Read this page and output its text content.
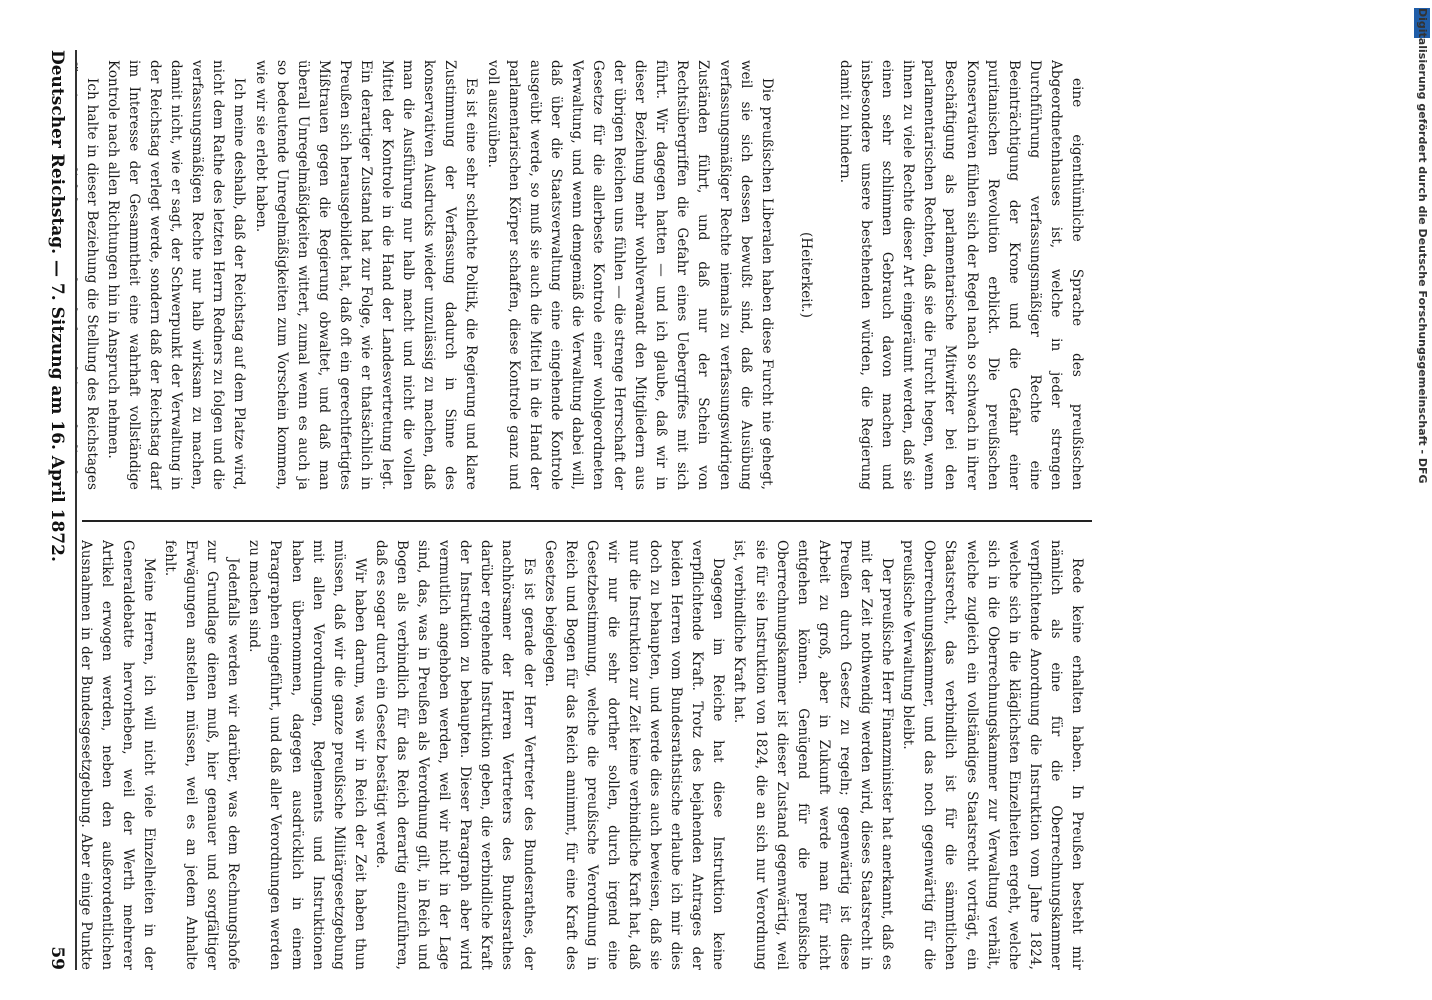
Deutscher Reichstag. — 7. Sitzung am 16. April 1872.
59

eine eigenthümliche Sprache des preußischen Abgeordnetenhauses ist, welche in jeder strengen Durchführung verfassungsmäßiger Rechte eine Beeinträchtigung der Krone und die Gefahr einer puritanischen Revolution erblickt. Die preußischen Konservativen fühlen sich der Regel nach so schwach in ihrer Beschäftigung als parlamentarische Mitwirker bei den parlamentarischen Rechten, daß sie die Furcht hegen, wenn ihnen zu viele Rechte dieser Art eingeräumt werden, daß sie einen sehr schlimmen Gebrauch davon machen und insbesondere unsere bestehenden würden, die Regierung damit zu hindern.

(Heiterkeit.)

Die preußischen Liberalen haben diese Furcht nie gehegt, weil sie sich dessen bewußt sind, daß die Ausübung verfassungsmäßiger Rechte niemals zu verfassungswidrigen Zuständen führt, und daß nur der Schein von Rechtsübergriffen die Gefahr eines Uebergriffes mit sich führt. Wir dagegen hatten — und ich glaube, daß wir in dieser Beziehung mehr wohlverwandt den Mitgliedern aus der übrigen Reichen uns fühlen — die strenge Herrschaft der Gesetze für die allerbeste Kontrole einer wohlgeordneten Verwaltung, und wenn demgemäß die Verwaltung dabei will, daß über die Staatsverwaltung eine eingehende Kontrole ausgeübt werde, so muß sie auch die Mittel in die Hand der parlamentarischen Körper schaffen, diese Kontrole ganz und voll auszuüben.

Es ist eine sehr schlechte Politik, die Regierung und klare Zustimmung der Verfassung dadurch in Sinne des konservativen Ausdrucks wieder unzulässig zu machen, daß man die Ausführung nur halb macht und nicht die vollen Mittel der Kontrole in die Hand der Landesvertretung legt. Ein derartiger Zustand hat zur Folge, wie er thatsächlich in Preußen sich herausgebildet hat, daß oft ein gerechtfertigtes Mißtrauen gegen die Regierung obwaltet, und daß man überall Unregelmäßigkeiten wittert, zumal wenn es auch ja so bedeutende Unregelmäßigkeiten zum Vorschein kommen, wie wir sie erlebt haben.

Ich meine deshalb, daß der Reichstag auf dem Platze wird, nicht dem Rathe des letzten Herrn Redners zu folgen und die verfassungsmäßigen Rechte nur halb wirksam zu machen, damit nicht, wie er sagt, der Schwerpunkt der Verwaltung in der Reichstag verlegt werde, sondern daß der Reichstag darf im Interesse der Gesammtheit eine wahrhaft vollständige Kontrole nach allen Richtungen hin in Anspruch nehmen.

Ich halte in dieser Beziehung die Stellung des Reichstages

Rede keine erhalten haben. In Preußen besteht mir nämlich als eine für die Oberrechnungskammer verpflichtende Anordnung die Instruktion vom Jahre 1824, welche sich in die kläglichsten Einzelheiten ergeht, welche sich in die Oberrechnungskammer zur Verwaltung verhält, welche zugleich ein vollständiges Staatsrecht vorträgt, ein Staatsrecht, das verbindlich ist für die sämmtlichen Oberrechnungskammer, und das noch gegenwärtig für die preußische Verwaltung bleibt.

Der preußische Herr Finanzminister hat anerkannt, daß es mit der Zeit nothwendig werden wird, dieses Staatsrecht in Preußen durch Gesetz zu regeln; gegenwärtig ist diese Arbeit zu groß, aber in Zukunft werde man für nicht entgehen können. Genügend für die preußische Oberrechnungskammer ist dieser Zustand gegenwärtig, weil sie für sie Instruktion von 1824, die an sich nur Verordnung ist, verbindliche Kraft hat.

Dagegen im Reiche hat diese Instruktion keine verpflichtende Kraft. Trotz des bejahenden Antrages der beiden Herren vom Bundesrathstische erlaube ich mir dies doch zu behaupten, und werde dies auch beweisen, daß sie nur die Instruktion zur Zeit keine verbindliche Kraft hat, daß wir nur die sehr dorther sollen, durch irgend eine Gesetzbestimmung, welche die preußische Verordnung in Reich und Bogen für das Reich annimmt, für eine Kraft des Gesetzes beigelegen.

Es ist gerade der Herr Vertreter des Bundesrathes, der nachhörsamer der Herren Vertreters des Bundesrathes darüber ergehende Instruktion geben, die verbindliche Kraft der Instruktion zu behaupten. Dieser Paragraph aber wird vermutlich angehoben werden, weil wir nicht in der Lage sind, das, was in Preußen als Verordnung gilt, in Reich und Bogen als verbindlich für das Reich derartig einzuführen, daß es sogar durch ein Gesetz bestätigt werde.

Wir haben darum, was wir in Reich der Zeit haben thun müssen, daß wir die ganze preußische Militärgesetzgebung mit allen Verordnungen, Reglements und Instruktionen haben übernommen, dagegen ausdrücklich in einem Paragraphen eingeführt, und daß aller Verordnungen werden zu machen sind.

Jedenfalls werden wir darüber, was dem Rechnungshofe zur Grundlage dienen muß, hier genauer und sorgfältiger Erwägungen anstellen müssen, weil es an jedem Anhalte fehlt.

Meine Herren, ich will nicht viele Einzelheiten in der Generaldebatte hervorheben, weil der Werth mehrerer Artikel erwogen werden, neben den außerordentlichen Ausnahmen in der Bundesgesetzgebung. Aber einige Punkte

Digitalisierung gefördert durch die Deutsche Forschungsgemeinschaft - DFG
